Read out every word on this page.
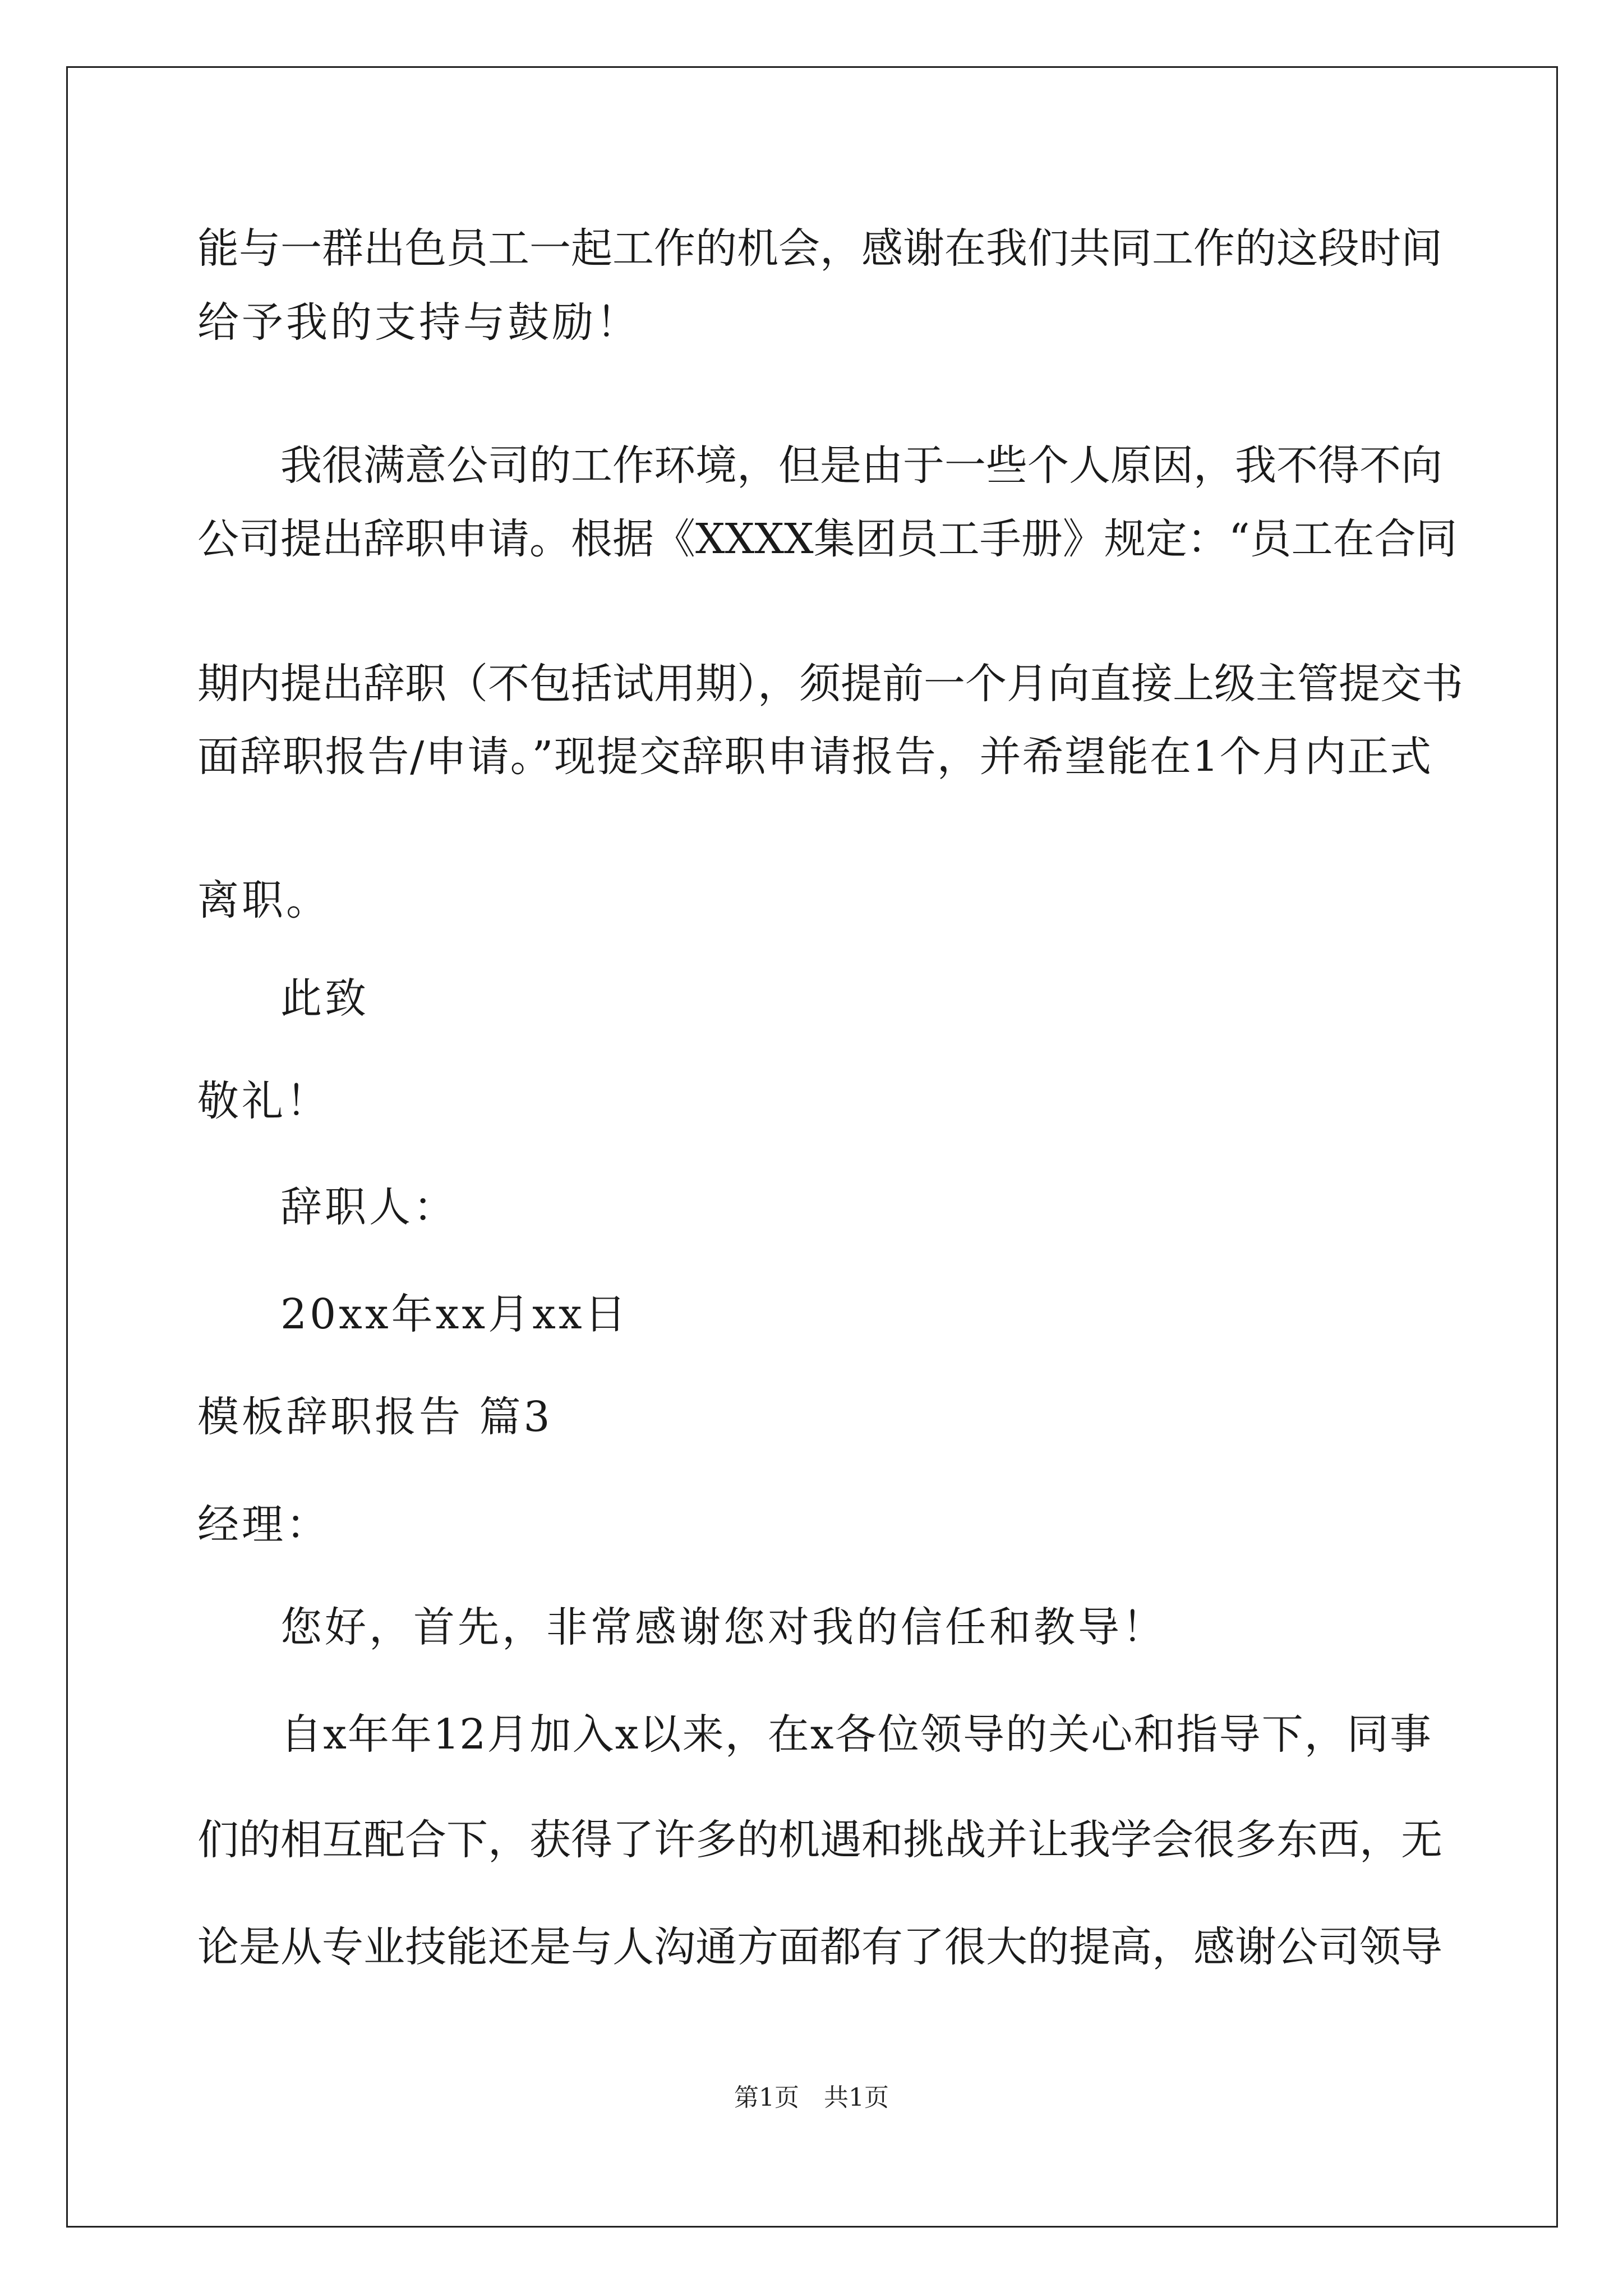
能与一群出色员工一起工作的机会，感谢在我们共同工作的这段时间
给予我的支持与鼓励！
我很满意公司的工作环境，但是由于一些个人原因，我不得不向
公司提出辞职申请。根据《XXXX集团员工手册》规定：“员工在合同
期内提出辞职（不包括试用期），须提前一个月向直接上级主管提交书
面辞职报告/申请。”现提交辞职申请报告，并希望能在1个月内正式
离职。
此致
敬礼！
辞职人：
20xx年xx月xx日
模板辞职报告 篇3
经理：
您好，首先，非常感谢您对我的信任和教导！
自x年年12月加入x以来，在x各位领导的关心和指导下，同事
们的相互配合下，获得了许多的机遇和挑战并让我学会很多东西，无
论是从专业技能还是与人沟通方面都有了很大的提高，感谢公司领导
第1页　共1页
